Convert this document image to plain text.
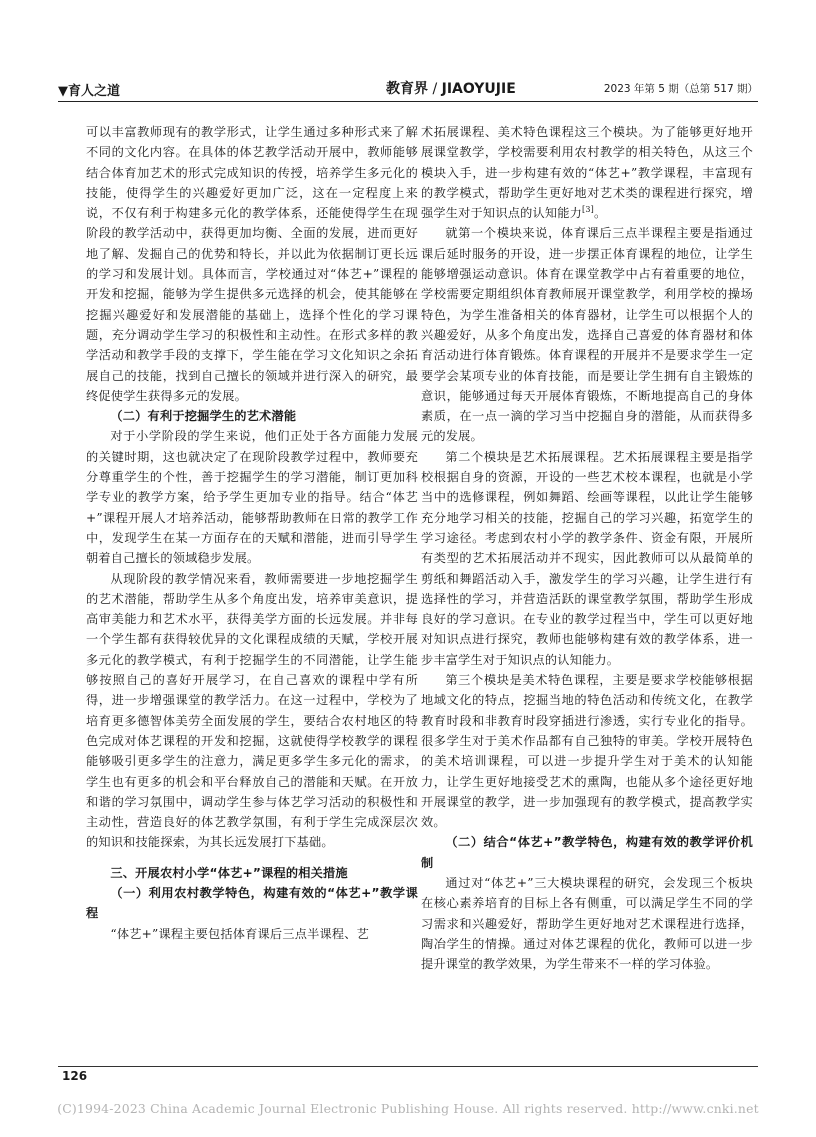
▼育人之道	教育界 / JIAOYUJIE	2023 年第 5 期（总第 517 期）

可以丰富教师现有的教学形式，让学生通过多种形式来了解不同的文化内容。在具体的体艺教学活动开展中，教师能够结合体育加艺术的形式完成知识的传授，培养学生多元化的技能，使得学生的兴趣爱好更加广泛，这在一定程度上来说，不仅有利于构建多元化的教学体系，还能使得学生在现阶段的教学活动中，获得更加均衡、全面的发展，进而更好地了解、发掘自己的优势和特长，并以此为依据制订更长远的学习和发展计划。具体而言，学校通过对“体艺+”课程的开发和挖掘，能够为学生提供多元选择的机会，使其能够在挖掘兴趣爱好和发展潜能的基础上，选择个性化的学习课题，充分调动学生学习的积极性和主动性。在形式多样的教学活动和教学手段的支撑下，学生能在学习文化知识之余拓展自己的技能，找到自己擅长的领域并进行深入的研究，最终促使学生获得多元的发展。

（二）有利于挖掘学生的艺术潜能

对于小学阶段的学生来说，他们正处于各方面能力发展的关键时期，这也就决定了在现阶段教学过程中，教师要充分尊重学生的个性，善于挖掘学生的学习潜能，制订更加科学专业的教学方案，给予学生更加专业的指导。结合“体艺+”课程开展人才培养活动，能够帮助教师在日常的教学工作中，发现学生在某一方面存在的天赋和潜能，进而引导学生朝着自己擅长的领域稳步发展。

从现阶段的教学情况来看，教师需要进一步地挖掘学生的艺术潜能，帮助学生从多个角度出发，培养审美意识，提高审美能力和艺术水平，获得美学方面的长远发展。并非每一个学生都有获得较优异的文化课程成绩的天赋，学校开展多元化的教学模式，有利于挖掘学生的不同潜能，让学生能够按照自己的喜好开展学习，在自己喜欢的课程中学有所得，进一步增强课堂的教学活力。在这一过程中，学校为了培育更多德智体美劳全面发展的学生，要结合农村地区的特色完成对体艺课程的开发和挖掘，这就使得学校教学的课程能够吸引更多学生的注意力，满足更多学生多元化的需求，学生也有更多的机会和平台释放自己的潜能和天赋。在开放和谐的学习氛围中，调动学生参与体艺学习活动的积极性和主动性，营造良好的体艺教学氛围，有利于学生完成深层次的知识和技能探索，为其长远发展打下基础。

三、开展农村小学“体艺+”课程的相关措施
（一）利用农村教学特色，构建有效的“体艺+”教学课程

“体艺+”课程主要包括体育课后三点半课程、艺

术拓展课程、美术特色课程这三个模块。为了能够更好地开展课堂教学，学校需要利用农村教学的相关特色，从这三个模块入手，进一步构建有效的“体艺+”教学课程，丰富现有的教学模式，帮助学生更好地对艺术类的课程进行探究，增强学生对于知识点的认知能力[3]。

就第一个模块来说，体育课后三点半课程主要是指通过课后延时服务的开设，进一步摆正体育课程的地位，让学生能够增强运动意识。体育在课堂教学中占有着重要的地位，学校需要定期组织体育教师展开课堂教学，利用学校的操场特色，为学生准备相关的体育器材，让学生可以根据个人的兴趣爱好，从多个角度出发，选择自己喜爱的体育器材和体育活动进行体育锻炼。体育课程的开展并不是要求学生一定要学会某项专业的体育技能，而是要让学生拥有自主锻炼的意识，能够通过每天开展体育锻炼，不断地提高自己的身体素质，在一点一滴的学习当中挖掘自身的潜能，从而获得多元的发展。

第二个模块是艺术拓展课程。艺术拓展课程主要是指学校根据自身的资源，开设的一些艺术校本课程，也就是小学当中的选修课程，例如舞蹈、绘画等课程，以此让学生能够充分地学习相关的技能，挖掘自己的学习兴趣，拓宽学生的学习途径。考虑到农村小学的教学条件、资金有限，开展所有类型的艺术拓展活动并不现实，因此教师可以从最简单的剪纸和舞蹈活动入手，激发学生的学习兴趣，让学生进行有选择性的学习，并营造活跃的课堂教学氛围，帮助学生形成良好的学习意识。在专业的教学过程当中，学生可以更好地对知识点进行探究，教师也能够构建有效的教学体系，进一步丰富学生对于知识点的认知能力。

第三个模块是美术特色课程，主要是要求学校能够根据地域文化的特点，挖掘当地的特色活动和传统文化，在教学教育时段和非教育时段穿插进行渗透，实行专业化的指导。很多学生对于美术作品都有自己独特的审美。学校开展特色的美术培训课程，可以进一步提升学生对于美术的认知能力，让学生更好地接受艺术的熏陶，也能从多个途径更好地开展课堂的教学，进一步加强现有的教学模式，提高教学实效。

（二）结合“体艺+”教学特色，构建有效的教学评价机制

通过对“体艺+”三大模块课程的研究，会发现三个板块在核心素养培育的目标上各有侧重，可以满足学生不同的学习需求和兴趣爱好，帮助学生更好地对艺术课程进行选择，陶冶学生的情操。通过对体艺课程的优化，教师可以进一步提升课堂的教学效果，为学生带来不一样的学习体验。

126
(C)1994-2023 China Academic Journal Electronic Publishing House. All rights reserved. http://www.cnki.net
